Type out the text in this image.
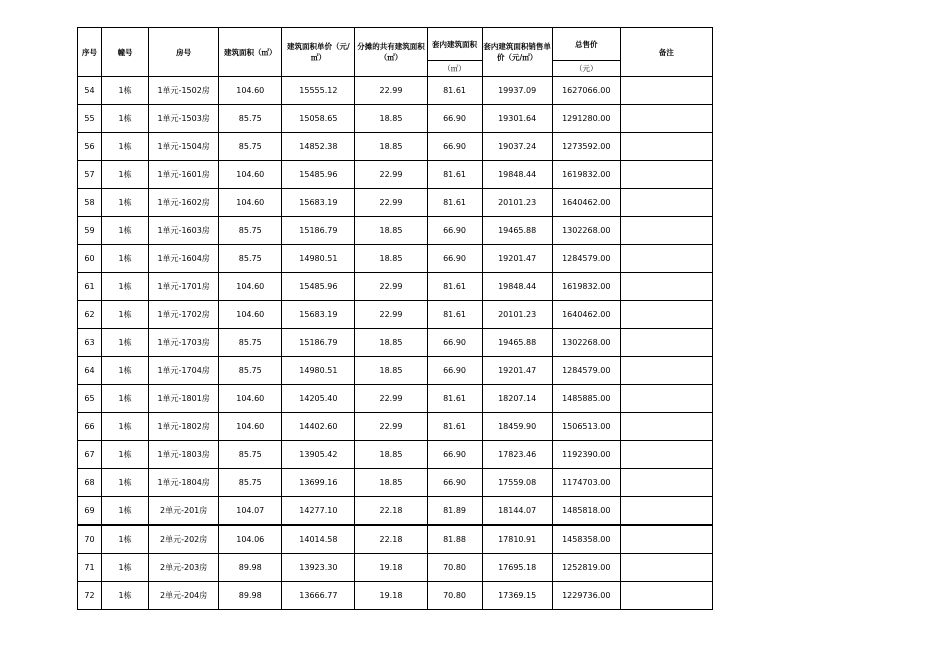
序号	幢号	房号	建筑面积（㎡）	建筑面积单价（元/㎡）	分摊的共有建筑面积（㎡）	套内建筑面积	套内建筑面积销售单价（元/㎡）	总售价	备注
						（㎡）		（元）	
54	1栋	1单元-1502房	104.60	15555.12	22.99	81.61	19937.09	1627066.00	
55	1栋	1单元-1503房	85.75	15058.65	18.85	66.90	19301.64	1291280.00	
56	1栋	1单元-1504房	85.75	14852.38	18.85	66.90	19037.24	1273592.00	
57	1栋	1单元-1601房	104.60	15485.96	22.99	81.61	19848.44	1619832.00	
58	1栋	1单元-1602房	104.60	15683.19	22.99	81.61	20101.23	1640462.00	
59	1栋	1单元-1603房	85.75	15186.79	18.85	66.90	19465.88	1302268.00	
60	1栋	1单元-1604房	85.75	14980.51	18.85	66.90	19201.47	1284579.00	
61	1栋	1单元-1701房	104.60	15485.96	22.99	81.61	19848.44	1619832.00	
62	1栋	1单元-1702房	104.60	15683.19	22.99	81.61	20101.23	1640462.00	
63	1栋	1单元-1703房	85.75	15186.79	18.85	66.90	19465.88	1302268.00	
64	1栋	1单元-1704房	85.75	14980.51	18.85	66.90	19201.47	1284579.00	
65	1栋	1单元-1801房	104.60	14205.40	22.99	81.61	18207.14	1485885.00	
66	1栋	1单元-1802房	104.60	14402.60	22.99	81.61	18459.90	1506513.00	
67	1栋	1单元-1803房	85.75	13905.42	18.85	66.90	17823.46	1192390.00	
68	1栋	1单元-1804房	85.75	13699.16	18.85	66.90	17559.08	1174703.00	
69	1栋	2单元-201房	104.07	14277.10	22.18	81.89	18144.07	1485818.00	
70	1栋	2单元-202房	104.06	14014.58	22.18	81.88	17810.91	1458358.00	
71	1栋	2单元-203房	89.98	13923.30	19.18	70.80	17695.18	1252819.00	
72	1栋	2单元-204房	89.98	13666.77	19.18	70.80	17369.15	1229736.00	
